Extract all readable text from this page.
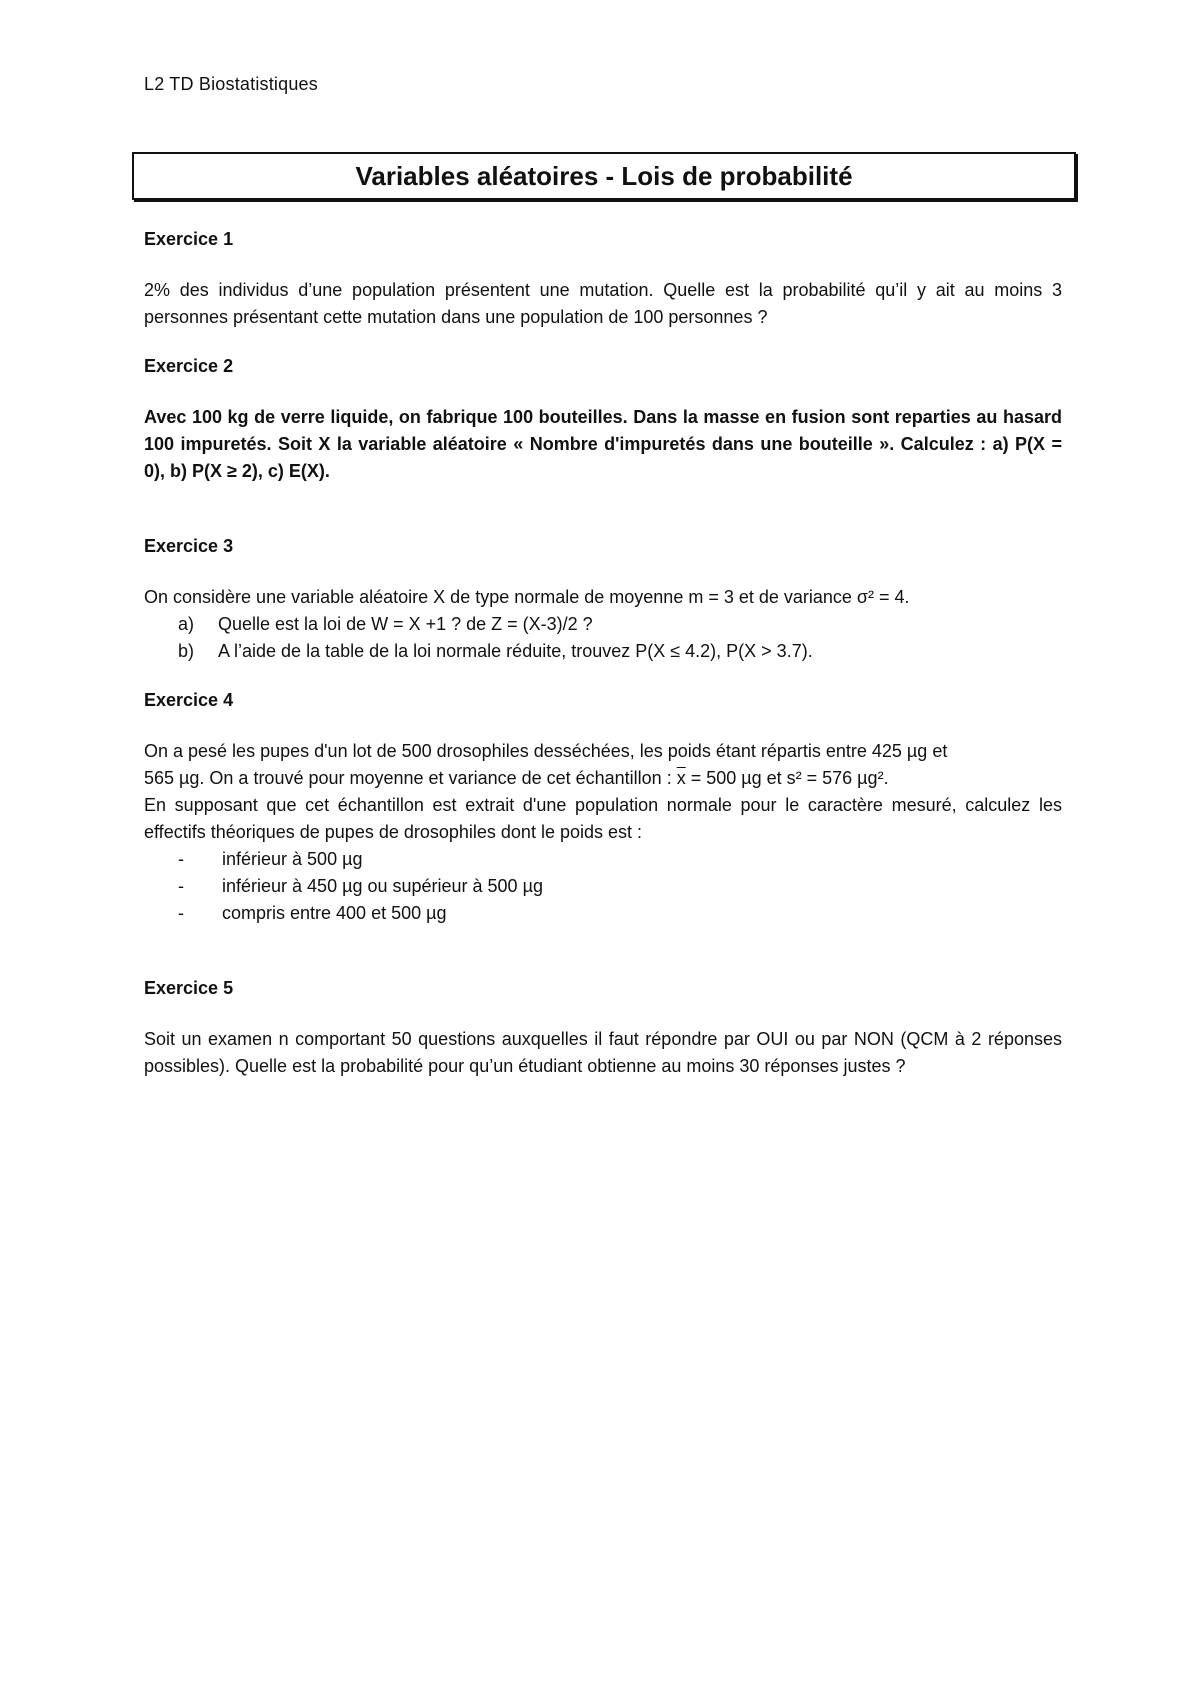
L2 TD Biostatistiques
Variables aléatoires - Lois de probabilité

Exercice 1

2% des individus d’une population présentent une mutation. Quelle est la probabilité qu’il y ait au moins 3 personnes présentant cette mutation dans une population de 100 personnes ?

Exercice 2

Avec 100 kg de verre liquide, on fabrique 100 bouteilles. Dans la masse en fusion sont reparties au hasard 100 impuretés. Soit X la variable aléatoire « Nombre d'impuretés dans une bouteille ». Calculez : a) P(X = 0), b) P(X ≥ 2), c) E(X).

Exercice 3

On considère une variable aléatoire X de type normale de moyenne m = 3 et de variance σ² = 4.

a)	Quelle est la loi de W = X +1 ? de Z = (X-3)/2 ?
b)	A l’aide de la table de la loi normale réduite, trouvez P(X ≤ 4.2), P(X > 3.7).

Exercice 4

On a pesé les pupes d'un lot de 500 drosophiles desséchées, les poids étant répartis entre 425 µg et

565 µg. On a trouvé pour moyenne et variance de cet échantillon : $\overline{x} = 500$ µg et s² = 576 µg².

En supposant que cet échantillon est extrait d'une population normale pour le caractère mesuré, calculez les effectifs théoriques de pupes de drosophiles dont le poids est :

-	inférieur à 500 µg
-	inférieur à 450 µg ou supérieur à 500 µg
-	compris entre 400 et 500 µg

Exercice 5

Soit un examen n comportant 50 questions auxquelles il faut répondre par OUI ou par NON (QCM à 2 réponses possibles). Quelle est la probabilité pour qu’un étudiant obtienne au moins 30 réponses justes ?
